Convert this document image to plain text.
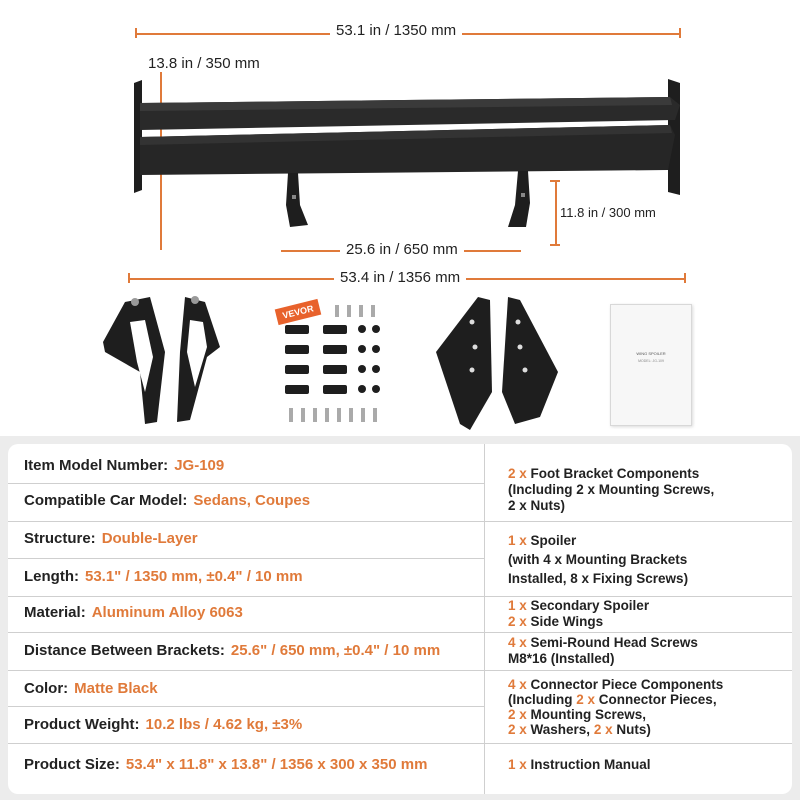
53.1 in / 1350 mm
13.8 in / 350 mm
11.8 in / 300 mm
25.6 in / 650 mm
53.4 in / 1356 mm
VEVOR
WING SPOILER
MODEL: JG-109
Item Model Number: JG-109
Compatible Car Model: Sedans, Coupes
Structure: Double-Layer
Length: 53.1" / 1350 mm, ±0.4" / 10 mm
Material: Aluminum Alloy 6063
Distance Between Brackets: 25.6" / 650 mm, ±0.4" / 10 mm
Color: Matte Black
Product Weight: 10.2 lbs / 4.62 kg, ±3%
Product Size: 53.4" x 11.8" x 13.8" / 1356 x 300 x 350 mm
2 x Foot Bracket Components
(Including 2 x Mounting Screws,
2 x Nuts)
1 x Spoiler
(with 4 x Mounting Brackets
Installed, 8 x Fixing Screws)
1 x Secondary Spoiler
2 x Side Wings
4 x Semi-Round Head Screws
M8*16 (Installed)
4 x Connector Piece Components
(Including 2 x Connector Pieces,
2 x Mounting Screws,
2 x Washers, 2 x Nuts)
1 x Instruction Manual
